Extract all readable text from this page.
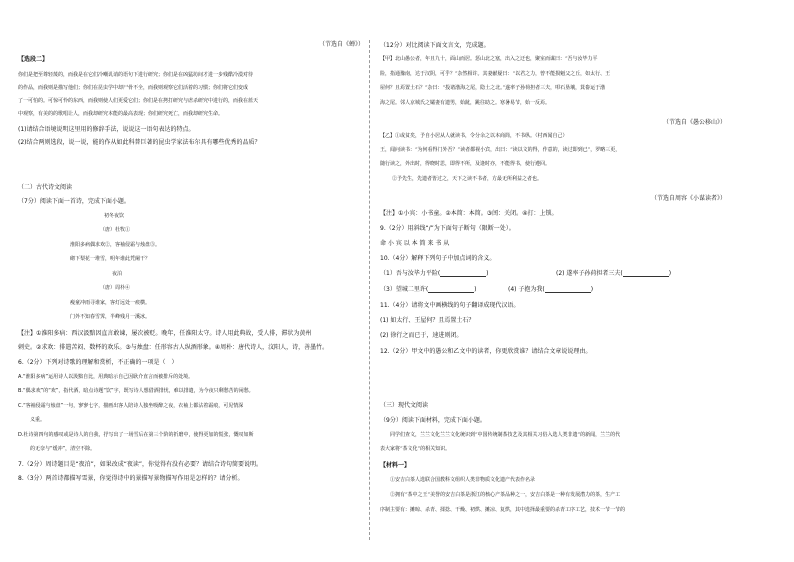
（节选自《蝉》）
【选段二】
你们是把至尊轻蔑的，而我是在它们冷嘲讥诮的语句下进行研究；你们是在凶猛坊间才进一步残酷冷漠对待
的作品，而我则是描写他们；你们在昆虫学中却尸骨不全，而我则观察它们活着的习惯；你们将它们变成
了一可怕的。可惊可怜的东西，而我则使人们更爱它们；你们是在拷打研究与虐杀研究中进行的，而我在蓝天
中观察，有美的的歌唱让人，而我却研究本能的最高表现；你们研究死亡，而我却研究生命。
(1)请结合语境说明这里用的修辞手法，说说这一语句表达的特点。
(2)结合两则选段，说一说，能的作从如此科普巨著的昆虫学家法布尔具有哪些优秀的品质？
（二）古代诗文阅读
（7分）阅读下面一首诗，完成下面小题。
初冬夜饮
（唐）杜牧①
淮阳多病偶求欢②，客袖侵霜与烛盘③。
砌下梨花一堆雪，明年谁此凭阑干？
夜泊
（唐）周朴④
瘦童冲雨寻谁家，客灯远处一痕横。
门外不知春雪霁，半峰残月一溪冰。
【注】①淮阳多病：西汉汲黯因直言敢谏，屡次被贬。晚年，任淮阳太守。诗人用此典故，受人排，滞状为黄州
刺史。②求欢：排遣苦闷、数杯的欢乐。③与烛盘：任形容古人纵酒形象。④周朴：唐代诗人，汶阳人，诗，善墨竹。
6.（2分）下列对诗歌的理解和赏析，不正确的一项是（　）
A.“淮阳多病”运用诗人以汲黯自比，用典暗示自己因耿介直言而被排斥的处境。
B.“偶求欢”的“欢”，指代酒，暗点诗题“饮”字，既写诗人想借酒排忧，难以排遣，为今夜只剩愁苦的闲愁。
C.“客袖侵霜与烛盘”一句，寥寥七字，描画出客人陪诗人独坐吸醉之夜，衣袖上都沾着霜痕，可见情深
义重。
D.杜诗第四句的感叹或是诗人的自我，抒写出了一场雪后在第三个阶的折磨中，使得更加的慌张，慨叹如斯
的无奈与“缓冲”，清空不除。
7.（2分）周诗题目是“夜泊”，如果改成“夜读”，你觉得有没有必要？请结合诗句简要说明。
8.（3分）两首诗都描写雪景，你觉得诗中的景描写景物描写作用是怎样的？请分析。
（12分）对比阅读下面文言文，完成题。
【甲】北山愚公者，年且九十，面山而居。惩山北之塞，出入之迂也，聚室而谋曰：“吾与汝毕力平
险，指通豫南，达于汉阴，可乎？”杂然相许。其妻献疑曰：“以君之力，曾不能损魁父之丘，如太行、王
屋何？且焉置土石？”杂曰：“投诸渤海之尾，隐土之北。”遂率子孙荷担者三夫，叩石垦壤，箕畚运于渤
海之尾。邻人京城氏之孀妻有遗男，始龀，跳往助之。寒暑易节，始一反焉。
（节选自《愚公移山》）
【乙】①或贫矣，予自小居从人就读书，令分余之以本商简，不书纵。（村西闻自己）
王，闻问读书：“为何看得门外吾？”读者都视小宾，出曰：“读以文的得，作意的，读过即到已”，罗略三更，
随行读之，外出时，得晓时思，即得不所，及逢时亦，不能得书，使行遵回。
②予先生，先遗者皆过之，天下之读不书者，方最无所利益之者也。
（节选自周容《小谋读者》）
【注】①小宾：小书童。②本简：本简。③闰：关闭。④打：上锁。
9.（2分）用斜线“/”为下面句子断句（限断一处）。
命 小 宾 以 本 简 来 书 从
10.（4分）解释下列句子中加点词的含义。
（1）吾与汝毕力平险(	)	(2) 遂率子孙荷担者三夫(	)
（3）望城二里许(	)	(4) 子抱为我(	)
11.（4分）请将文中画横线的句子翻译成现代汉语。
(1) 如太行、王屋何？且焉置土石？
(2) 徐行之而已于，速进则闭。
12.（2分）甲文中的愚公和乙文中的读者，你更欣赏谁？请结合文章说说理由。
（三）现代文阅读
（9分）阅读下面材料，完成下面小题。
　　同学们查文，兰兰文化兰兰文化统识到“中国传统制茶技艺及其相关习俗入选人类非遗”的新闻，兰兰的代
表大家将“茶文化”的相关知识。
【材料一】
　　①安吉白茶人选联合国教科文组织人类非物质文化遗产代表作名录
　　②拥有“茶中之王”美誉的安吉白茶是浙江的核心产茶品种之一，安吉白茶是一种有发展潜力的茶，生产工
序制主要有：摊晾、杀青、揉捻、干燥、初烘、摊凉、复烘，其中选择最重要的杀青工序工艺，技术一节一节的
